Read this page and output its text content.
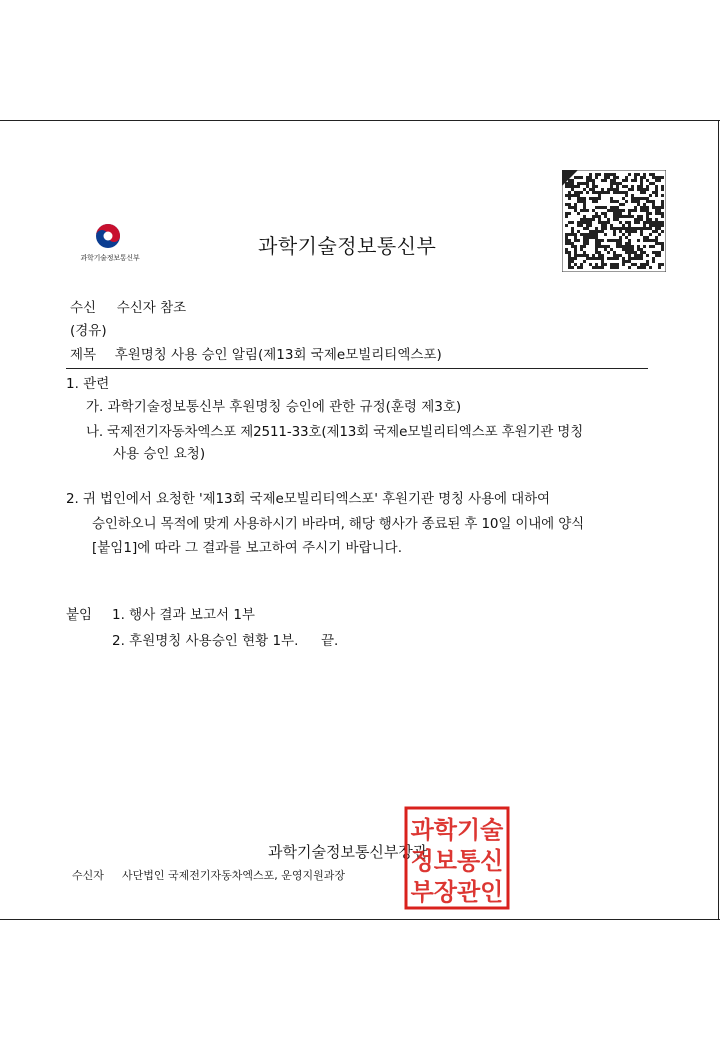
과학기술정보통신부	과학기술정보통신부
수신 수신자 참조
(경유)
제목 후원명칭 사용 승인 알림(제13회 국제e모빌리티엑스포)
1. 관련
가. 과학기술정보통신부 후원명칭 승인에 관한 규정(훈령 제3호)
나. 국제전기자동차엑스포 제2511-33호(제13회 국제e모빌리티엑스포 후원기관 명칭
사용 승인 요청)
2. 귀 법인에서 요청한 '제13회 국제e모빌리티엑스포' 후원기관 명칭 사용에 대하여
승인하오니 목적에 맞게 사용하시기 바라며, 해당 행사가 종료된 후 10일 이내에 양식
[붙임1]에 따라 그 결과를 보고하여 주시기 바랍니다.
붙임 1. 행사 결과 보고서 1부
2. 후원명칭 사용승인 현황 1부. 끝.
과학기술정보통신부장관
과학기술
정보통신
부장관인
수신자 사단법인 국제전기자동차엑스포, 운영지원과장
